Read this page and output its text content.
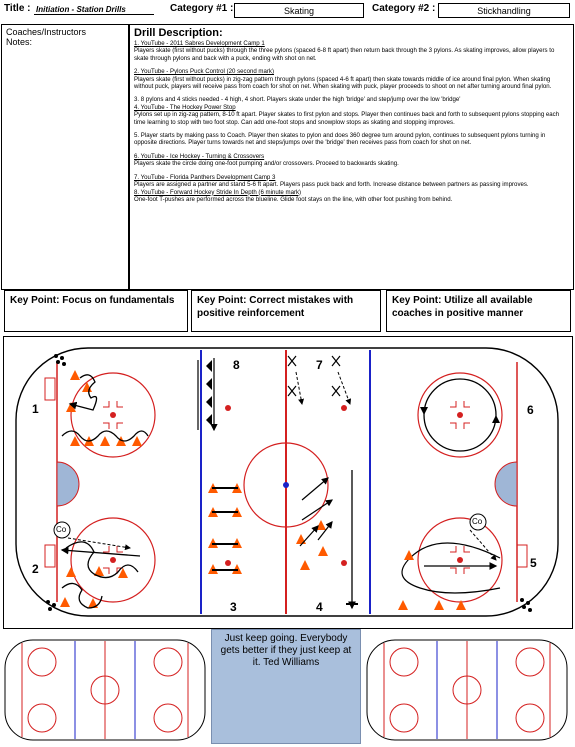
Title : Initiation - Station Drills	Category #1 :	Skating	Category #2 :	Stickhandling
Coaches/Instructors
Notes:
Drill Description:
1. YouTube - 2011 Sabres Development Camp 1
Players skate (first without pucks) through the three pylons (spaced 6-8 ft apart) then return back through the 3 pylons. As skating improves, allow players to skate through pylons and back with a puck, ending with shot on net.
2. YouTube - Pylons Puck Control (20 second mark)
Players skate (first without pucks) in zig-zag pattern through pylons (spaced 4-6 ft apart) then skate towards middle of ice around final pylon. When skating without puck, players will receive pass from coach for shot on net. When skating with puck, player proceeds to shoot on net after turning around final pylon.
3. 8 pylons and 4 sticks needed - 4 high, 4 short. Players skate under the high 'bridge' and step/jump over the low 'bridge'
4. YouTube - The Hockey Power Stop
Pylons set up in zig-zag pattern, 8-10 ft apart. Player skates to first pylon and stops. Player then continues back and forth to subsequent pylons stopping each time learning to stop with two foot stop. Can add one-foot stops and snowplow stops as skating and stopping improves.
5. Player starts by making pass to Coach. Player then skates to pylon and does 360 degree turn around pylon, continues to subsequent pylons turning in opposite directions. Player turns towards net and steps/jumps over the 'bridge' then receives pass from coach for shot on net.
6. YouTube - Ice Hockey - Turning & Crossovers
Players skate the circle doing one-foot pumping and/or crossovers. Proceed to backwards skating.
7. YouTube - Florida Panthers Development Camp 3
Players are assigned a partner and stand 5-6 ft apart. Players pass puck back and forth. Increase distance between partners as passing improves.
8. YouTube - Forward Hockey Stride In Depth (6 minute mark)
One-foot T-pushes are performed across the blueline. Glide foot stays on the line, with other foot pushing from behind.
Key Point: Focus on fundamentals	Key Point: Correct mistakes with positive reinforcement
Key Point: Utilize all available coaches in positive manner
1
2
3	4
5
6
7
8
Co
Co
Just keep going. Everybody gets better if they just keep at it. Ted Williams
